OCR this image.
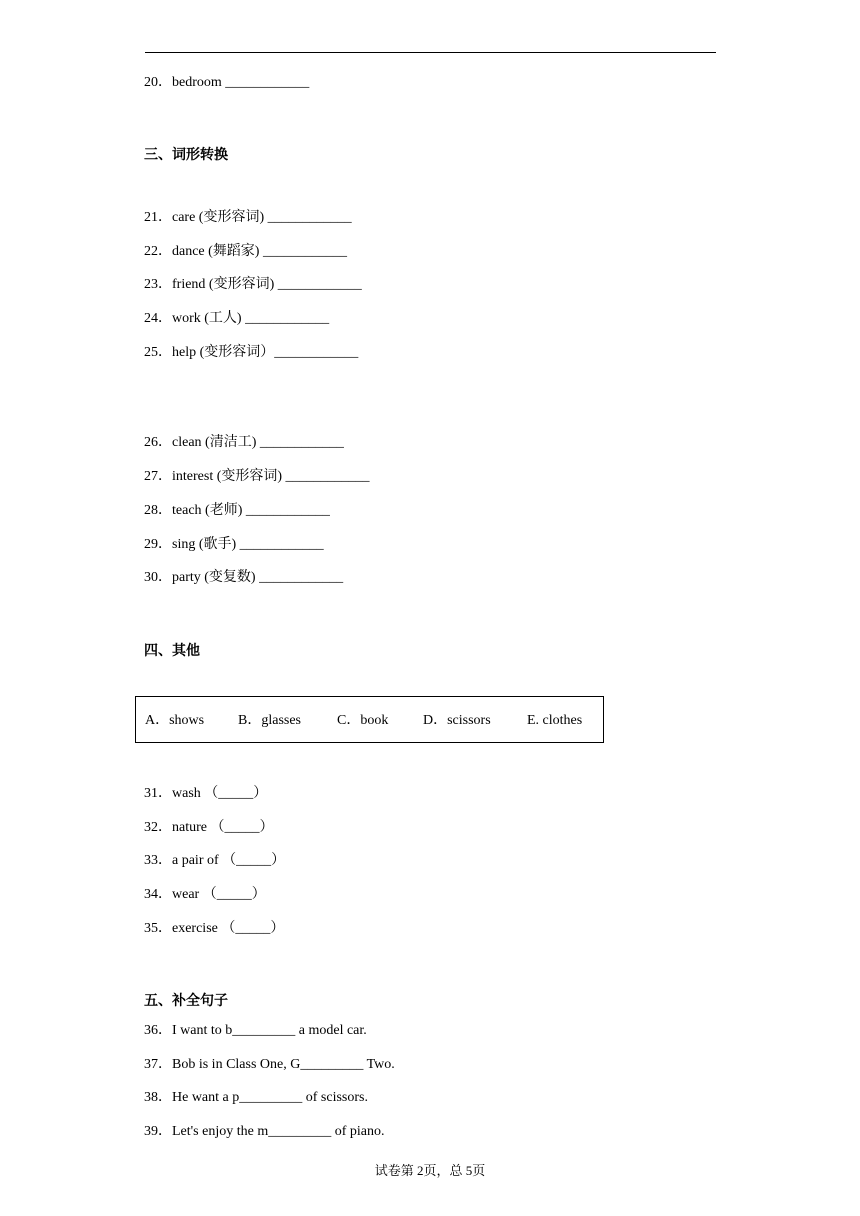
20．bedroom ____________
三、词形转换
21．care (变形容词) ____________
22．dance (舞蹈家) ____________
23．friend (变形容词) ____________
24．work (工人) ____________
25．help (变形容词）____________
26．clean (清洁工) ____________
27．interest (变形容词) ____________
28．teach (老师) ____________
29．sing (歌手) ____________
30．party (变复数) ____________
四、其他
A．shows B．glasses	C．book D．scissors	E. clothes
31．wash （_____）
32．nature （_____）
33．a pair of （_____）
34．wear （_____）
35．exercise （_____）
五、补全句子
36．I want to b_________ a model car.
37．Bob is in Class One, G_________ Two.
38．He want a p_________ of scissors.
39．Let's enjoy the m_________ of piano.
试卷第 2页，总 5页
